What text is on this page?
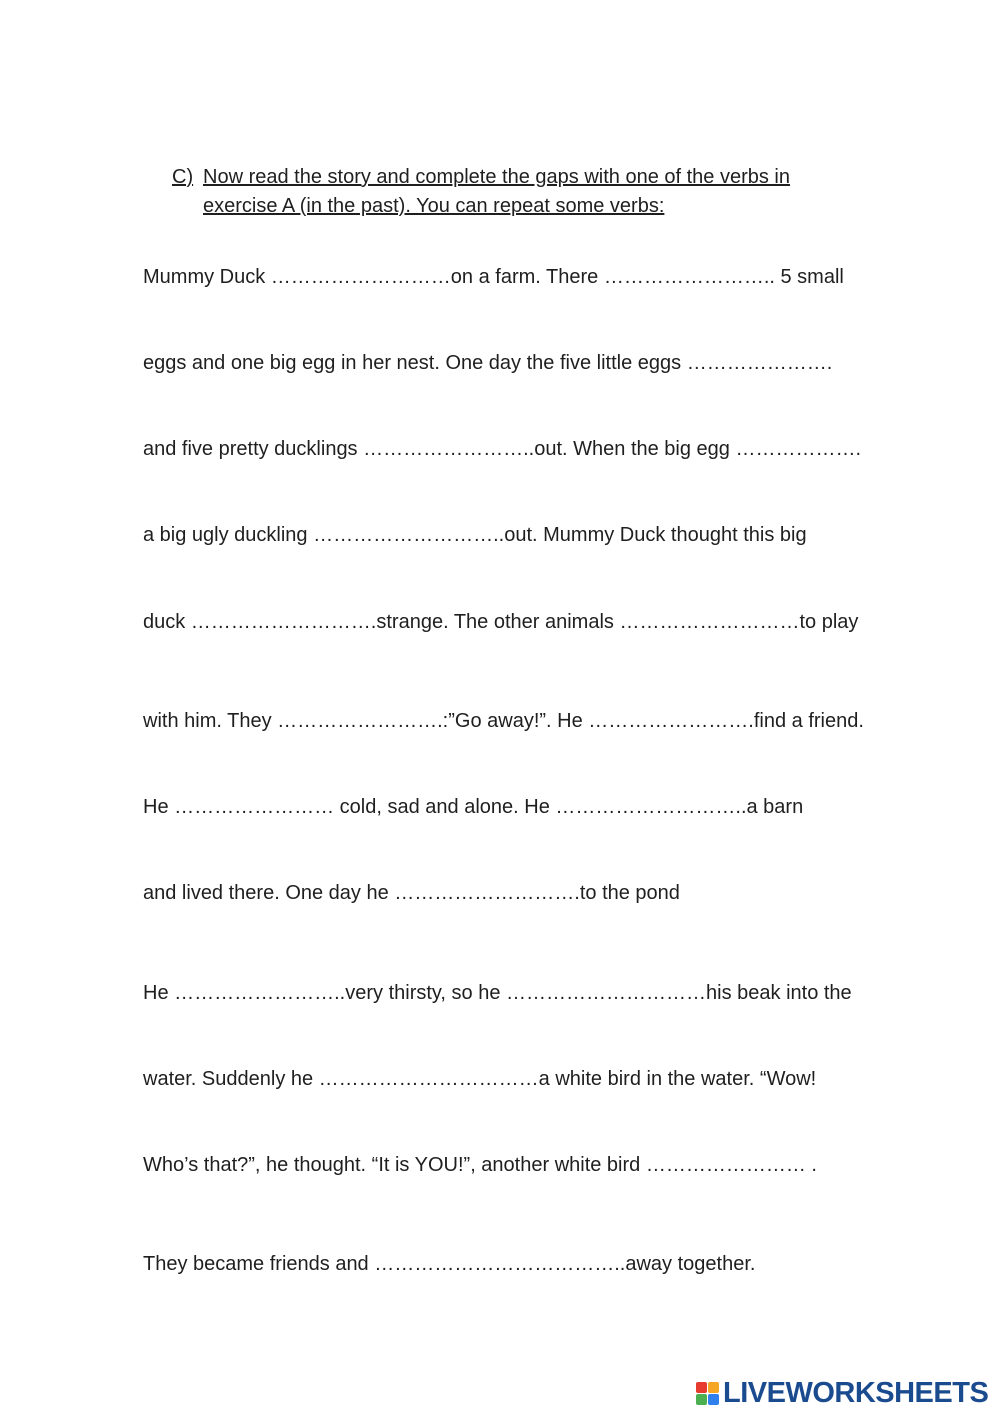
C) Now read the story and complete the gaps with one of the verbs in exercise A (in the past). You can repeat some verbs:
Mummy Duck ………………………on a farm. There …………………….. 5 small
eggs and one big egg in her nest. One day the five little eggs ………………….
and five pretty ducklings ……………………..out. When the big egg ……………….
a big ugly duckling ………………………..out. Mummy Duck thought this big
duck ……………………….strange. The other animals ………………………to play
with him. They …………………….:”Go away!”. He …………………….find a friend.
He …………………… cold, sad and alone. He ………………………..a barn
and lived there. One day he ……………………….to the pond
He ……………………..very thirsty, so he …………………………his beak into the
water. Suddenly he ……………………………a white bird in the water. “Wow!
Who’s that?”, he thought. “It is YOU!”, another white bird …………………… .
They became friends and ………………………………..away together.
LIVEWORKSHEETS
